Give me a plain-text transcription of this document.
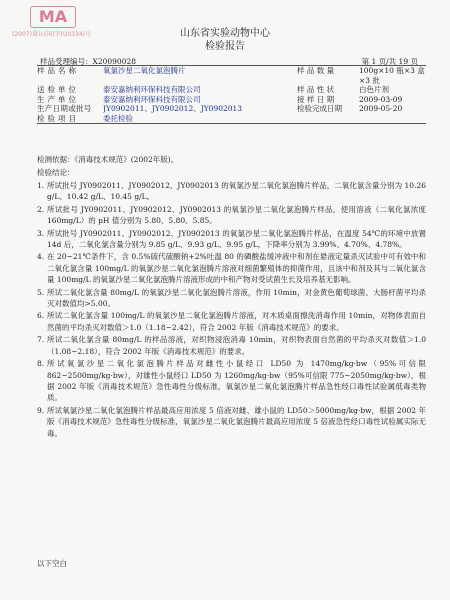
MA
(2007)量认(国)字(U0334)号	山东省实验动物中心
检验报告
样品受理编号：X20090028	第 1 页/共 19 页
样 品 名 称	氧氯沙星二氧化氯泡腾片	样 品 数 量	100g×10 瓶×3 盒
×3 批
送 检 单 位	泰安嘉纳利环保科技有限公司	样 品 性 状	白色片剂
生 产 单 位	泰安嘉纳利环保科技有限公司	接 样 日 期	2009-03-09
生产日期或批号	JY0902011、JY0902012、JY0902013	检验完成日期	2009-05-20
检 验 项 目	委托检验
检测依据：《消毒技术规范》(2002年版)。
检验结论：
1. 所试批号 JY0902011、JY0902012、JY0902013 的氧氯沙星二氧化氯泡腾片样品，二氧化氯含量分别为 10.26 g/L、10.42 g/L、10.45 g/L。
2. 所试批号 JY0902011、JY0902012、JY0902013 的氧氯沙星二氧化氯泡腾片样品，使用溶液（二氧化氯浓度 160mg/L）的 pH 值分别为 5.80、5.80、5.85。
3. 所试批号 JY0902011、JY0902012、JY0902013 的氧氯沙星二氧化氯泡腾片样品，在温度 54℃的环境中放置 14d 后，二氧化氯含量分别为 9.85 g/L、9.93 g/L、9.95 g/L，下降率分别为 3.99%、4.70%、4.78%。
4. 在 20~21℃条件下，含 0.5%硫代硫酸钠+2%吐温 80 的磷酸盐缓冲液中和剂在悬液定量杀灭试验中可有效中和二氧化氯含量 100mg/L 的氧氯沙星二氧化氯泡腾片溶液对细菌繁殖体的抑菌作用，且该中和剂及其与二氧化氯含量 100mg/L 的氧氯沙星二氧化氯泡腾片溶液形成的中和产物对受试菌生长及培养基无影响。
5. 所试二氧化氯含量 80mg/L 的氧氯沙星二氧化氯泡腾片溶液，作用 10min，对金黄色葡萄球菌、大肠杆菌平均杀灭对数值均>5.00。
6. 所试二氧化氯含量 100mg/L 的氧氯沙星二氧化氯泡腾片溶液，对木质桌面擦洗消毒作用 10min，对物体表面自然菌的平均杀灭对数值＞1.0（1.18~2.42），符合 2002 年版《消毒技术规范》的要求。
7. 所试二氧化氯含量 80mg/L 的样品溶液，对织物浸泡消毒 10min，对织物表面自然菌的平均杀灭对数值＞1.0（1.08~2.18），符合 2002 年版《消毒技术规范》的要求。
8. 所试氧氯沙星二氧化氯泡腾片样品对雌性小鼠经口 LD50 为 1470mg/kg·bw（95%可信限 862~2500mg/kg·bw），对雄性小鼠经口 LD50 为 1260mg/kg·bw（95%可信限 775~2050mg/kg·bw），根据 2002 年版《消毒技术规范》急性毒性分级标准，氧氯沙星二氧化氯泡腾片样品急性经口毒性试验属低毒类物质。
9. 所试氧氯沙星二氧化氯泡腾片样品最高应用浓度 5 倍液对雌、雄小鼠的 LD50＞5000mg/kg·bw，根据 2002 年版《消毒技术规范》急性毒性分级标准，氧氯沙星二氧化氯泡腾片最高应用浓度 5 倍液急性经口毒性试验属实际无毒。
以下空白
